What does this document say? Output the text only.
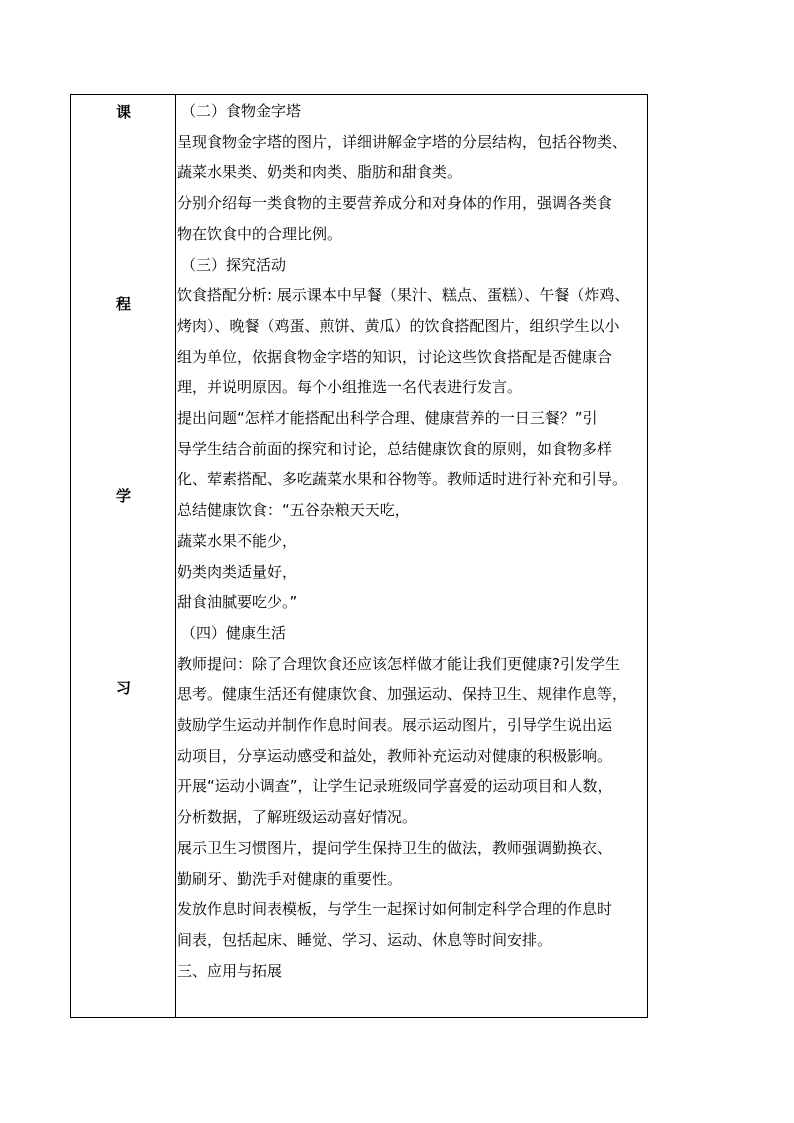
课
程
学
习
（二）食物金字塔
呈现食物金字塔的图片，详细讲解金字塔的分层结构，包括谷物类、
蔬菜水果类、奶类和肉类、脂肪和甜食类。
分别介绍每一类食物的主要营养成分和对身体的作用，强调各类食
物在饮食中的合理比例。
（三）探究活动
饮食搭配分析: 展示课本中早餐（果汁、糕点、蛋糕）、午餐（炸鸡、
烤肉）、晚餐（鸡蛋、煎饼、黄瓜）的饮食搭配图片，组织学生以小
组为单位，依据食物金字塔的知识，讨论这些饮食搭配是否健康合
理，并说明原因。每个小组推选一名代表进行发言。
提出问题“怎样才能搭配出科学合理、健康营养的一日三餐？”引
导学生结合前面的探究和讨论，总结健康饮食的原则，如食物多样
化、荤素搭配、多吃蔬菜水果和谷物等。教师适时进行补充和引导。
总结健康饮食：“五谷杂粮天天吃，
蔬菜水果不能少，
奶类肉类适量好，
甜食油腻要吃少。”
（四）健康生活
教师提问：除了合理饮食还应该怎样做才能让我们更健康?引发学生
思考。健康生活还有健康饮食、加强运动、保持卫生、规律作息等，
鼓励学生运动并制作作息时间表。展示运动图片，引导学生说出运
动项目，分享运动感受和益处，教师补充运动对健康的积极影响。
开展“运动小调查”，让学生记录班级同学喜爱的运动项目和人数，
分析数据，了解班级运动喜好情况。
展示卫生习惯图片，提问学生保持卫生的做法，教师强调勤换衣、
勤刷牙、勤洗手对健康的重要性。
发放作息时间表模板，与学生一起探讨如何制定科学合理的作息时
间表，包括起床、睡觉、学习、运动、休息等时间安排。
三、应用与拓展
